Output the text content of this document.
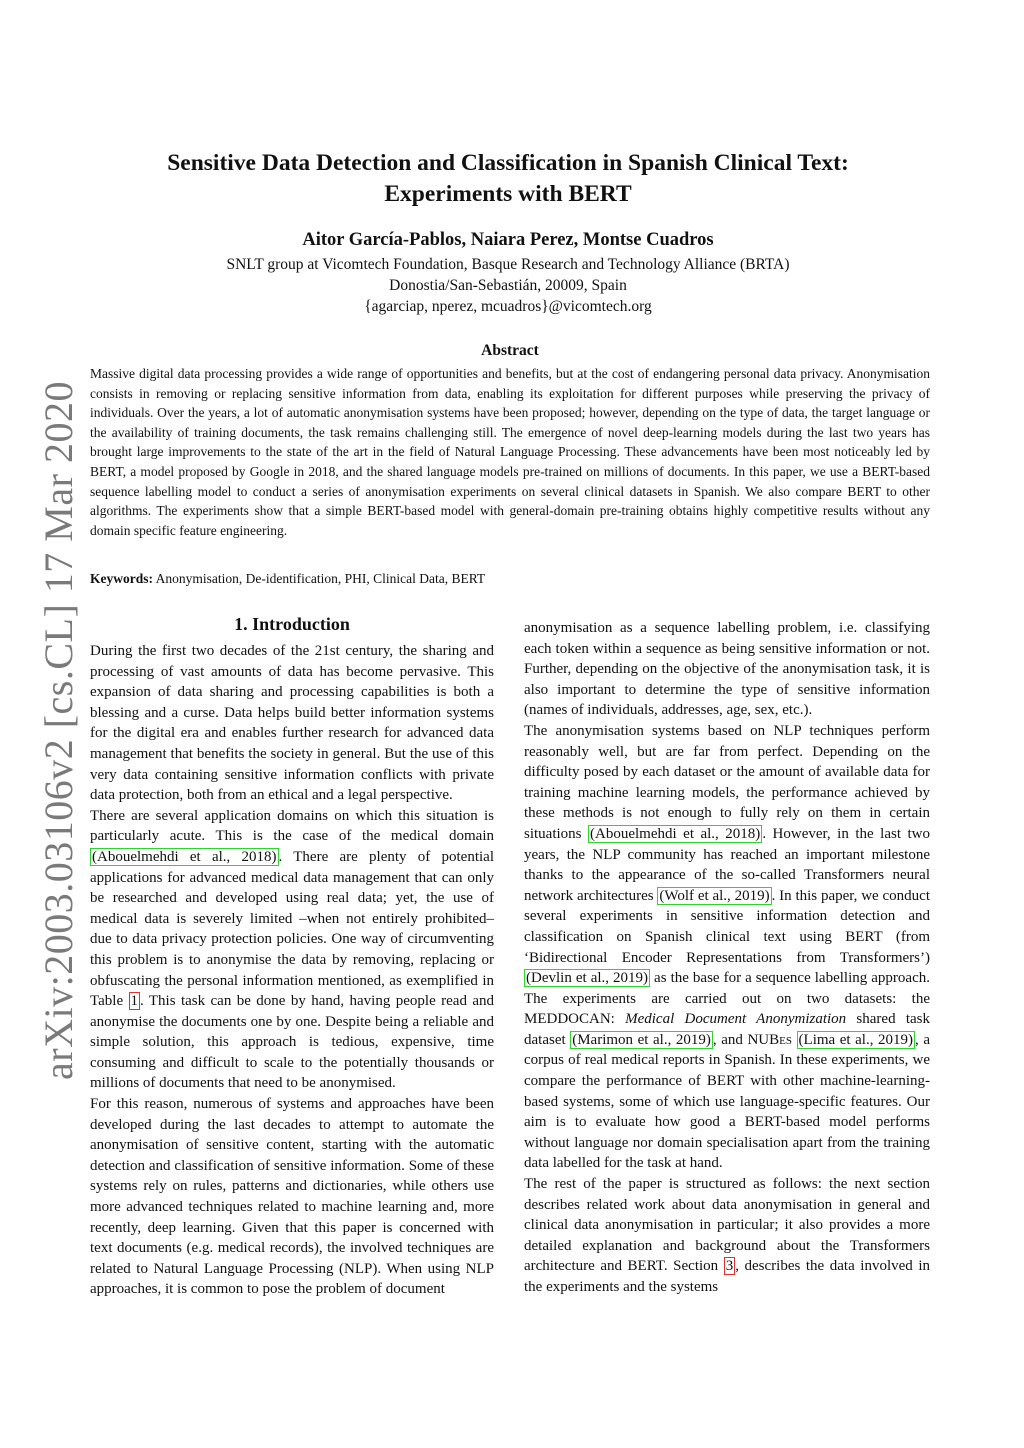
arXiv:2003.03106v2 [cs.CL] 17 Mar 2020
Sensitive Data Detection and Classification in Spanish Clinical Text:
Experiments with BERT
Aitor García-Pablos, Naiara Perez, Montse Cuadros
SNLT group at Vicomtech Foundation, Basque Research and Technology Alliance (BRTA)
Donostia/San-Sebastián, 20009, Spain
{agarciap, nperez, mcuadros}@vicomtech.org
Abstract
Massive digital data processing provides a wide range of opportunities and benefits, but at the cost of endangering personal data privacy. Anonymisation consists in removing or replacing sensitive information from data, enabling its exploitation for different purposes while preserving the privacy of individuals. Over the years, a lot of automatic anonymisation systems have been proposed; however, depending on the type of data, the target language or the availability of training documents, the task remains challenging still. The emergence of novel deep-learning models during the last two years has brought large improvements to the state of the art in the field of Natural Language Processing. These advancements have been most noticeably led by BERT, a model proposed by Google in 2018, and the shared language models pre-trained on millions of documents. In this paper, we use a BERT-based sequence labelling model to conduct a series of anonymisation experiments on several clinical datasets in Spanish. We also compare BERT to other algorithms. The experiments show that a simple BERT-based model with general-domain pre-training obtains highly competitive results without any domain specific feature engineering.
Keywords: Anonymisation, De-identification, PHI, Clinical Data, BERT
1. Introduction

During the first two decades of the 21st century, the sharing and processing of vast amounts of data has become pervasive. This expansion of data sharing and processing capabilities is both a blessing and a curse. Data helps build better information systems for the digital era and enables further research for advanced data management that benefits the society in general. But the use of this very data containing sensitive information conflicts with private data protection, both from an ethical and a legal perspective.

There are several application domains on which this situation is particularly acute. This is the case of the medical domain (Abouelmehdi et al., 2018) . There are plenty of potential applications for advanced medical data management that can only be researched and developed using real data; yet, the use of medical data is severely limited –when not entirely prohibited– due to data privacy protection policies. One way of circumventing this problem is to anonymise the data by removing, replacing or obfuscating the personal information mentioned, as exemplified in Table 1 . This task can be done by hand, having people read and anonymise the documents one by one. Despite being a reliable and simple solution, this approach is tedious, expensive, time consuming and difficult to scale to the potentially thousands or millions of documents that need to be anonymised.

For this reason, numerous of systems and approaches have been developed during the last decades to attempt to automate the anonymisation of sensitive content, starting with the automatic detection and classification of sensitive information. Some of these systems rely on rules, patterns and dictionaries, while others use more advanced techniques related to machine learning and, more recently, deep learning. Given that this paper is concerned with text documents (e.g. medical records), the involved techniques are related to Natural Language Processing (NLP). When using NLP approaches, it is common to pose the problem of document

anonymisation as a sequence labelling problem, i.e. classifying each token within a sequence as being sensitive information or not. Further, depending on the objective of the anonymisation task, it is also important to determine the type of sensitive information (names of individuals, addresses, age, sex, etc.).

The anonymisation systems based on NLP techniques perform reasonably well, but are far from perfect. Depending on the difficulty posed by each dataset or the amount of available data for training machine learning models, the performance achieved by these methods is not enough to fully rely on them in certain situations (Abouelmehdi et al., 2018) . However, in the last two years, the NLP community has reached an important milestone thanks to the appearance of the so-called Transformers neural network architectures (Wolf et al., 2019) . In this paper, we conduct several experiments in sensitive information detection and classification on Spanish clinical text using BERT (from ‘Bidirectional Encoder Representations from Transformers’) (Devlin et al., 2019) as the base for a sequence labelling approach. The experiments are carried out on two datasets: the MEDDOCAN: Medical Document Anonymization shared task dataset (Marimon et al., 2019) , and NUBes (Lima et al., 2019) , a corpus of real medical reports in Spanish. In these experiments, we compare the performance of BERT with other machine-learning-based systems, some of which use language-specific features. Our aim is to evaluate how good a BERT-based model performs without language nor domain specialisation apart from the training data labelled for the task at hand.

The rest of the paper is structured as follows: the next section describes related work about data anonymisation in general and clinical data anonymisation in particular; it also provides a more detailed explanation and background about the Transformers architecture and BERT. Section 3 , describes the data involved in the experiments and the systems
